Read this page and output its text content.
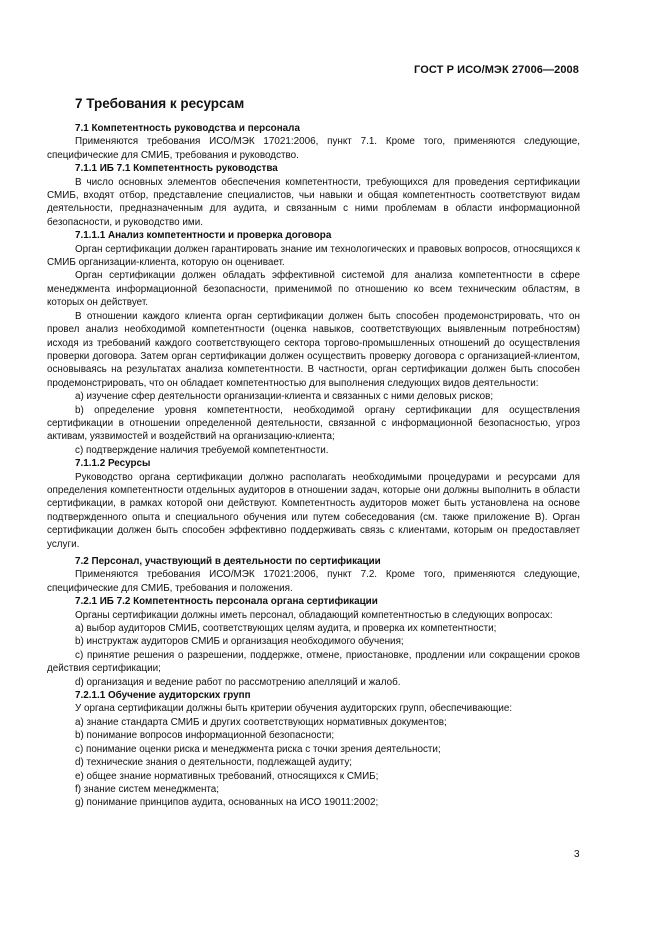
ГОСТ Р ИСО/МЭК 27006—2008
7 Требования к ресурсам
7.1 Компетентность руководства и персонала

Применяются требования ИСО/МЭК 17021:2006, пункт 7.1. Кроме того, применяются следующие, специфические для СМИБ, требования и руководство.

7.1.1 ИБ 7.1 Компетентность руководства

В число основных элементов обеспечения компетентности, требующихся для проведения сертификации СМИБ, входят отбор, представление специалистов, чьи навыки и общая компетентность соответствуют видам деятельности, предназначенным для аудита, и связанным с ними проблемам в области информационной безопасности, и руководство ими.

7.1.1.1 Анализ компетентности и проверка договора

Орган сертификации должен гарантировать знание им технологических и правовых вопросов, относящихся к СМИБ организации-клиента, которую он оценивает.

Орган сертификации должен обладать эффективной системой для анализа компетентности в сфере менеджмента информационной безопасности, применимой по отношению ко всем техническим областям, в которых он действует.

В отношении каждого клиента орган сертификации должен быть способен продемонстрировать, что он провел анализ необходимой компетентности (оценка навыков, соответствующих выявленным потребностям) исходя из требований каждого соответствующего сектора торгово-промышленных отношений до осуществления проверки договора. Затем орган сертификации должен осуществить проверку договора с организацией-клиентом, основываясь на результатах анализа компетентности. В частности, орган сертификации должен быть способен продемонстрировать, что он обладает компетентностью для выполнения следующих видов деятельности:

a) изучение сфер деятельности организации-клиента и связанных с ними деловых рисков;

b) определение уровня компетентности, необходимой органу сертификации для осуществления сертификации в отношении определенной деятельности, связанной с информационной безопасностью, угроз активам, уязвимостей и воздействий на организацию-клиента;

c) подтверждение наличия требуемой компетентности.

7.1.1.2 Ресурсы

Руководство органа сертификации должно располагать необходимыми процедурами и ресурсами для определения компетентности отдельных аудиторов в отношении задач, которые они должны выполнить в области сертификации, в рамках которой они действуют. Компетентность аудиторов может быть установлена на основе подтвержденного опыта и специального обучения или путем собеседования (см. также приложение В). Орган сертификации должен быть способен эффективно поддерживать связь с клиентами, которым он предоставляет услуги.

7.2 Персонал, участвующий в деятельности по сертификации

Применяются требования ИСО/МЭК 17021:2006, пункт 7.2. Кроме того, применяются следующие, специфические для СМИБ, требования и положения.

7.2.1 ИБ 7.2 Компетентность персонала органа сертификации

Органы сертификации должны иметь персонал, обладающий компетентностью в следующих вопросах:

a) выбор аудиторов СМИБ, соответствующих целям аудита, и проверка их компетентности;

b) инструктаж аудиторов СМИБ и организация необходимого обучения;

c) принятие решения о разрешении, поддержке, отмене, приостановке, продлении или сокращении сроков действия сертификации;

d) организация и ведение работ по рассмотрению апелляций и жалоб.

7.2.1.1 Обучение аудиторских групп

У органа сертификации должны быть критерии обучения аудиторских групп, обеспечивающие:

a) знание стандарта СМИБ и других соответствующих нормативных документов;

b) понимание вопросов информационной безопасности;

c) понимание оценки риска и менеджмента риска с точки зрения деятельности;

d) технические знания о деятельности, подлежащей аудиту;

e) общее знание нормативных требований, относящихся к СМИБ;

f) знание систем менеджмента;

g) понимание принципов аудита, основанных на ИСО 19011:2002;

3
